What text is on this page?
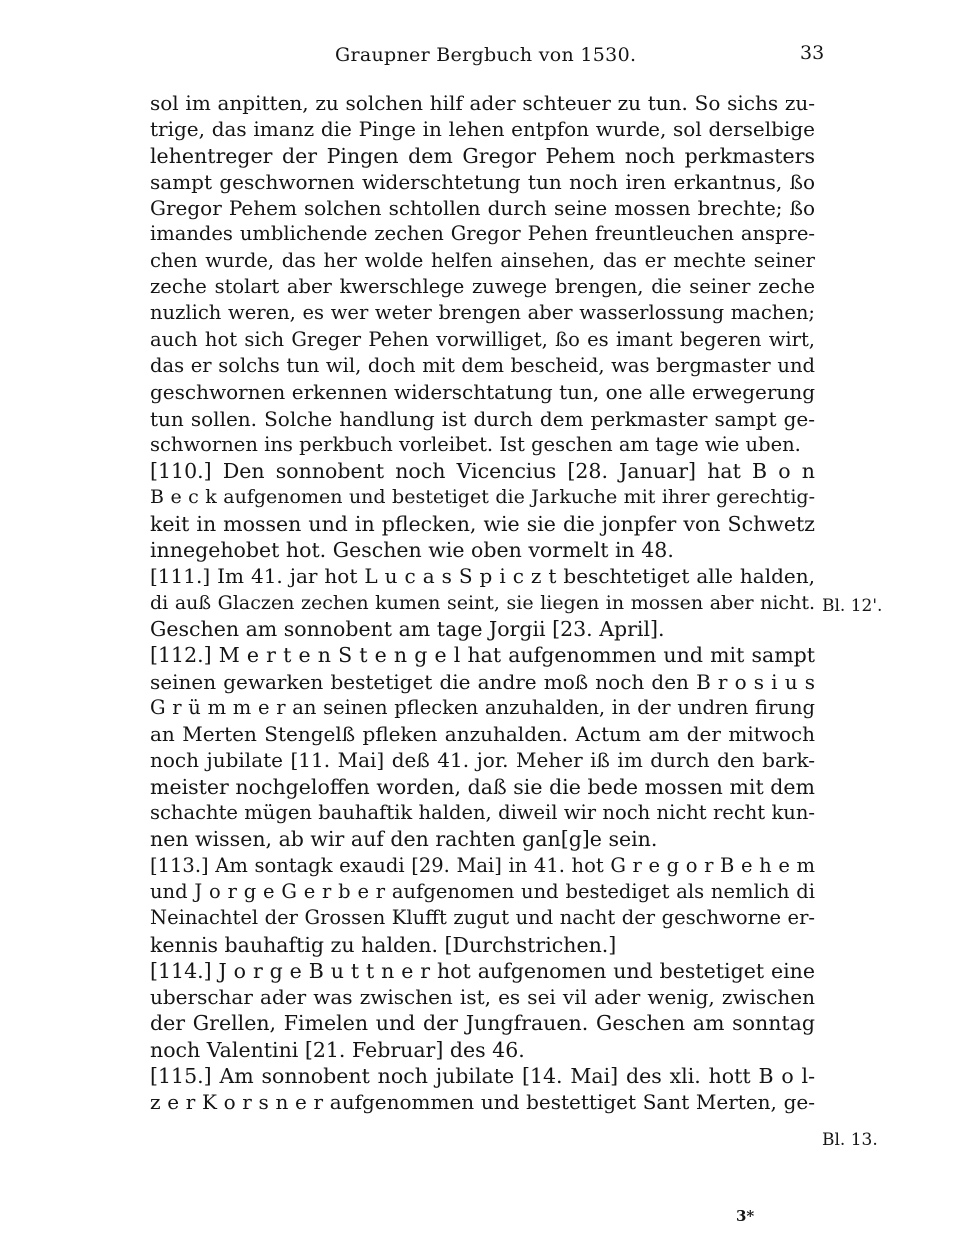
Graupner Bergbuch von 1530.	33
sol im anpitten, zu solchen hilf ader schteuer zu tun. So sichs zu-
trige, das imanz die Pinge in lehen entpfon wurde, sol derselbige
lehentreger der Pingen dem Gregor Pehem noch perkmasters
sampt geschwornen widerschtetung tun noch iren erkantnus, ßo
Gregor Pehem solchen schtollen durch seine mossen brechte; ßo
imandes umblichende zechen Gregor Pehen freuntleuchen anspre-
chen wurde, das her wolde helfen ainsehen, das er mechte seiner
zeche stolart aber kwerschlege zuwege brengen, die seiner zeche
nuzlich weren, es wer weter brengen aber wasserlossung machen;
auch hot sich Greger Pehen vorwilliget, ßo es imant begeren wirt,
das er solchs tun wil, doch mit dem bescheid, was bergmaster und
geschwornen erkennen widerschtatung tun, one alle erwegerung
tun sollen. Solche handlung ist durch dem perkmaster sampt ge-
schwornen ins perkbuch vorleibet. Ist geschen am tage wie uben.
[110.] Den sonnobent noch Vicencius [28. Januar] hat B o n
B e c k aufgenomen und bestetiget die Jarkuche mit ihrer gerechtig-
keit in mossen und in pflecken, wie sie die jonpfer von Schwetz
innegehobet hot. Geschen wie oben vormelt in 48.
[111.] Im 41. jar hot L u c a s S p i c z t beschtetiget alle halden,
di auß Glaczen zechen kumen seint, sie liegen in mossen aber nicht.
Geschen am sonnobent am tage Jorgii [23. April].
[112.] M e r t e n S t e n g e l hat aufgenommen und mit sampt
seinen gewarken bestetiget die andre moß noch den B r o s i u s
G r ü m m e r an seinen pflecken anzuhalden, in der undren firung
an Merten Stengelß pfleken anzuhalden. Actum am der mitwoch
noch jubilate [11. Mai] deß 41. jor. Meher iß im durch den bark-
meister nochgeloffen worden, daß sie die bede mossen mit dem
schachte mügen bauhaftik halden, diweil wir noch nicht recht kun-
nen wissen, ab wir auf den rachten gan[g]e sein.
[113.] Am sontagk exaudi [29. Mai] in 41. hot G r e g o r B e h e m
und J o r g e G e r b e r aufgenomen und bestediget als nemlich di
Neinachtel der Grossen Klufft zugut und nacht der geschworne er-
kennis bauhaftig zu halden. [Durchstrichen.]
[114.] J o r g e B u t t n e r hot aufgenomen und bestetiget eine
uberschar ader was zwischen ist, es sei vil ader wenig, zwischen
der Grellen, Fimelen und der Jungfrauen. Geschen am sonntag
noch Valentini [21. Februar] des 46.
[115.] Am sonnobent noch jubilate [14. Mai] des xli. hott B o l-
z e r K o r s n e r aufgenommen und bestettiget Sant Merten, ge-
Bl. 12'.
Bl. 13.
3*
